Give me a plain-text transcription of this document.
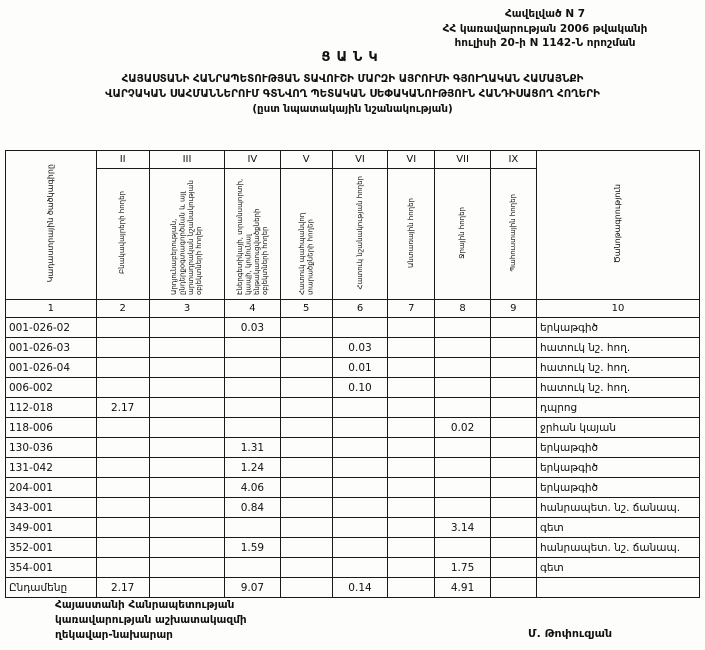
Հավելված N 7
ՀՀ կառավարության 2006 թվականի
հուլիսի 20-ի N 1142-Ն որոշման
ՑԱՆԿ
ՀԱՅԱՍՏԱՆԻ ՀԱՆՐԱՊԵՏՈՒԹՅԱՆ ՏԱՎՈՒՇԻ ՄԱՐԶԻ ԱՅՐՈՒՄԻ ԳՅՈՒՂԱԿԱՆ ՀԱՄԱՅՆՔԻ
ՎԱՐՉԱԿԱՆ ՍԱՀՄԱՆՆԵՐՈՒՄ ԳՏՆՎՈՂ ՊԵՏԱԿԱՆ ՍԵՓԱԿԱՆՈՒԹՅՈՒՆ ՀԱՆԴԻՍԱՑՈՂ ՀՈՂԵՐԻ
(ըստ նպատակային նշանակության)
Կադաստրային ծածկագիրը	II	III	IV	V	VI	VI	VII	IX	Ծանոթագրություն
	Բնակավայրերի հողեր	Արդյունաբերության, ընդերքօգտագործման և այլ արտադրական նշանակության օբյեկտների հողեր	Էներգետիկայի, տրանսպորտի, կապի, կոմունալ ենթակառուցվածքների օբյեկտների հողեր	Հատուկ պահպանվող տարածքների հողեր	Հատուկ նշանակության հողեր	Անտառային հողեր	Ջրային հողեր	Պահուստային հողեր	
1	2	3	4	5	6	7	8	9	10
001-026-02			0.03						երկաթգիծ
001-026-03					0.03				հատուկ նշ. հող.
001-026-04					0.01				հատուկ նշ. հող.
006-002					0.10				հատուկ նշ. հող.
112-018	2.17								դպրոց
118-006							0.02		ջրհան կայան
130-036			1.31						երկաթգիծ
131-042			1.24						երկաթգիծ
204-001			4.06						երկաթգիծ
343-001			0.84						հանրապետ. նշ. ճանապ.
349-001							3.14		գետ
352-001			1.59						հանրապետ. նշ. ճանապ.
354-001							1.75		գետ
Ընդամենը	2.17		9.07		0.14		4.91		
Հայաստանի Հանրապետության
կառավարության աշխատակազմի
ղեկավար-նախարար	Մ. Թոփուզյան
